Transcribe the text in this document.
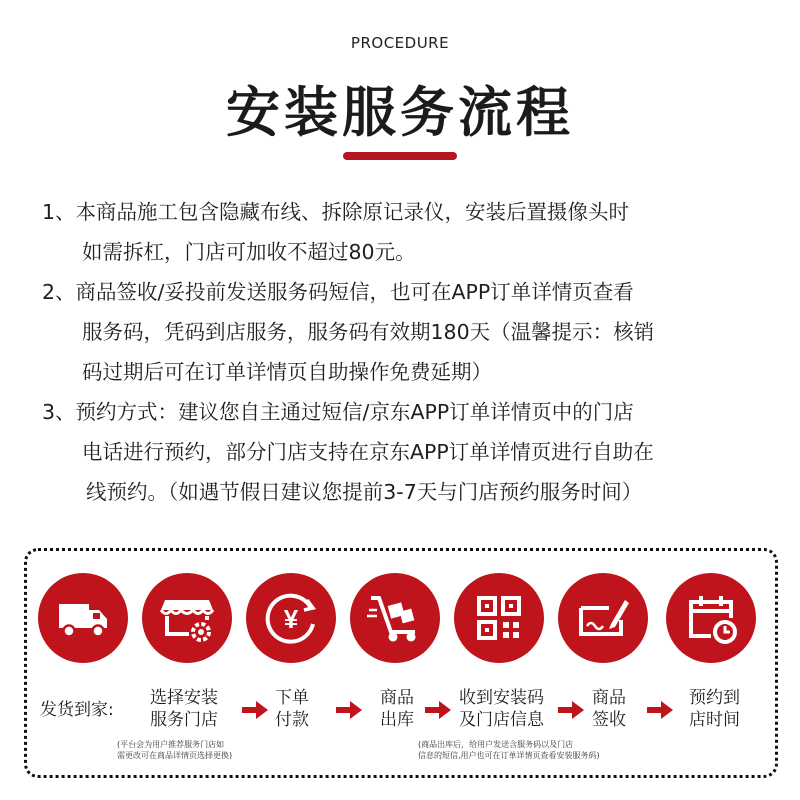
PROCEDURE
安装服务流程
1、本商品施工包含隐藏布线、拆除原记录仪，安装后置摄像头时
如需拆杠，门店可加收不超过80元。
2、商品签收/妥投前发送服务码短信，也可在APP订单详情页查看
服务码，凭码到店服务，服务码有效期180天（温馨提示：核销
码过期后可在订单详情页自助操作免费延期）
3、预约方式：建议您自主通过短信/京东APP订单详情页中的门店
电话进行预约，部分门店支持在京东APP订单详情页进行自助在
线预约。（如遇节假日建议您提前3-7天与门店预约服务时间）
¥
发货到家:
选择安装
服务门店
下单
付款
商品
出库
收到安装码
及门店信息
商品
签收
预约到
店时间
(平台会为用户推荐服务门店如
需更改可在商品详情页选择更换)
(商品出库后，给用户发送含服务码以及门店
信息的短信,用户也可在订单详情页查看安装服务码)
